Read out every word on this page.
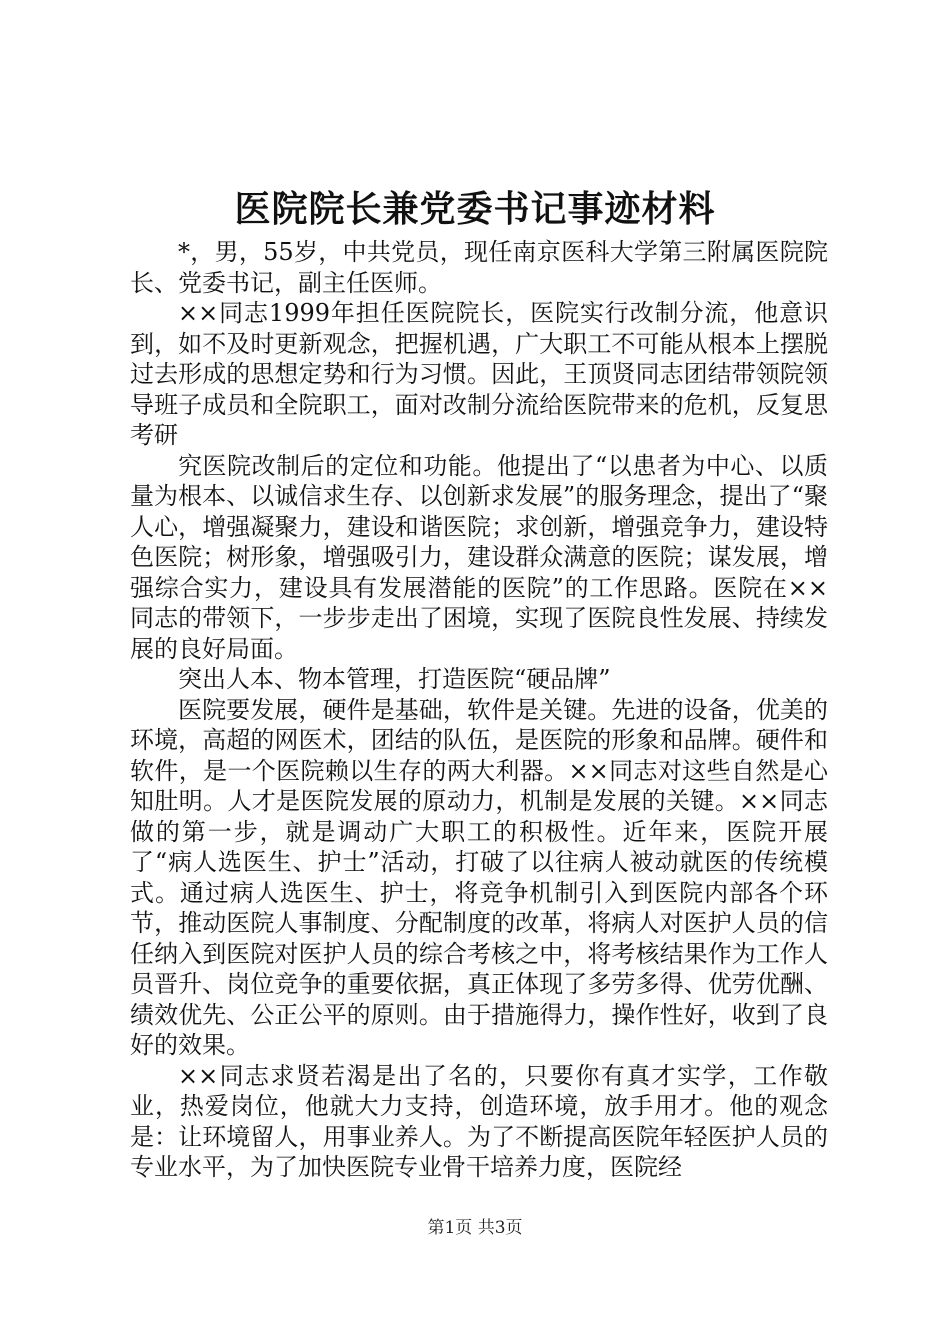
医院院长兼党委书记事迹材料

*，男，55岁，中共党员，现任南京医科大学第三附属医院院长、党委书记，副主任医师。

××同志1999年担任医院院长，医院实行改制分流，他意识到，如不及时更新观念，把握机遇，广大职工不可能从根本上摆脱过去形成的思想定势和行为习惯。因此，王顶贤同志团结带领院领导班子成员和全院职工，面对改制分流给医院带来的危机，反复思考研

究医院改制后的定位和功能。他提出了“以患者为中心、以质量为根本、以诚信求生存、以创新求发展”的服务理念，提出了“聚人心，增强凝聚力，建设和谐医院；求创新，增强竞争力，建设特色医院；树形象，增强吸引力，建设群众满意的医院；谋发展，增强综合实力，建设具有发展潜能的医院”的工作思路。医院在××同志的带领下，一步步走出了困境，实现了医院良性发展、持续发展的良好局面。

突出人本、物本管理，打造医院“硬品牌”

医院要发展，硬件是基础，软件是关键。先进的设备，优美的环境，高超的网医术，团结的队伍，是医院的形象和品牌。硬件和软件，是一个医院赖以生存的两大利器。××同志对这些自然是心知肚明。人才是医院发展的原动力，机制是发展的关键。××同志做的第一步，就是调动广大职工的积极性。近年来，医院开展了“病人选医生、护士”活动，打破了以往病人被动就医的传统模式。通过病人选医生、护士，将竞争机制引入到医院内部各个环节，推动医院人事制度、分配制度的改革，将病人对医护人员的信任纳入到医院对医护人员的综合考核之中，将考核结果作为工作人员晋升、岗位竞争的重要依据，真正体现了多劳多得、优劳优酬、绩效优先、公正公平的原则。由于措施得力，操作性好，收到了良好的效果。

××同志求贤若渴是出了名的，只要你有真才实学，工作敬业，热爱岗位，他就大力支持，创造环境，放手用才。他的观念是：让环境留人，用事业养人。为了不断提高医院年轻医护人员的专业水平，为了加快医院专业骨干培养力度，医院经

第1页 共3页
